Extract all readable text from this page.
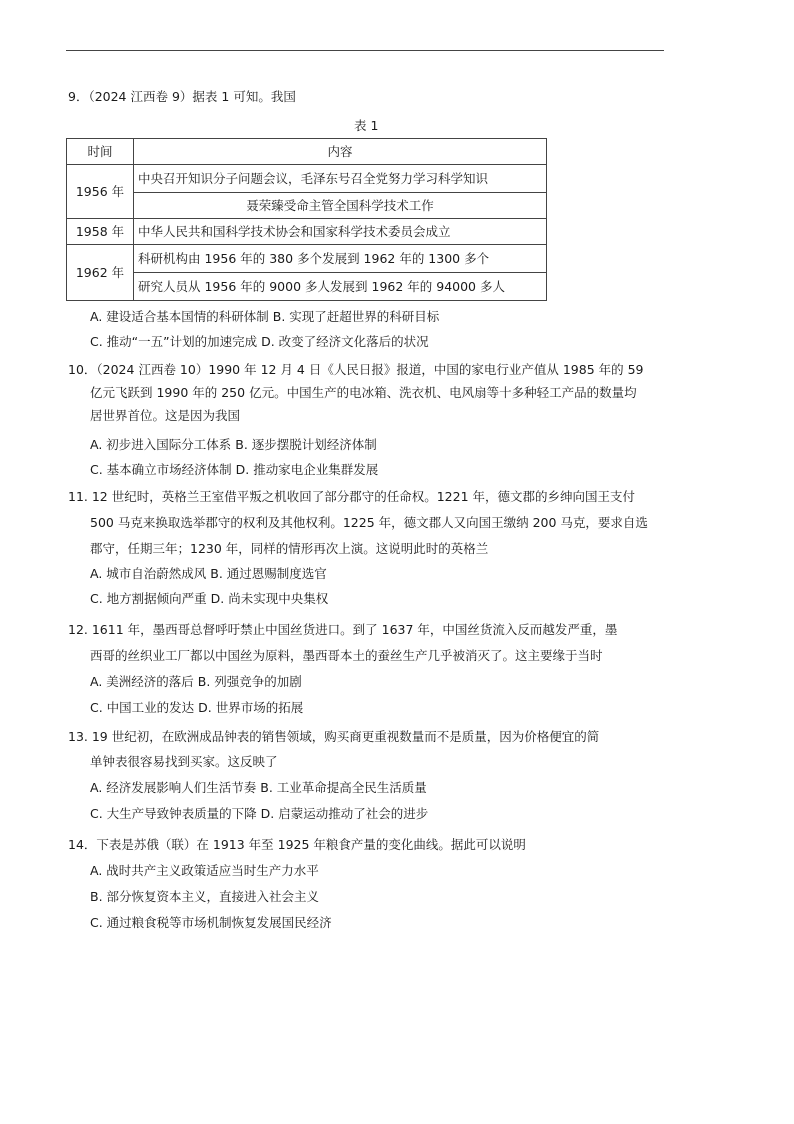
9．（2024 江西卷 9）据表 1 可知。我国
表 1
时间	内容
1956 年	中央召开知识分子问题会议，毛泽东号召全党努力学习科学知识
	聂荣臻受命主管全国科学技术工作
1958 年	中华人民共和国科学技术协会和国家科学技术委员会成立
1962 年	科研机构由 1956 年的 380 多个发展到 1962 年的 1300 多个
	研究人员从 1956 年的 9000 多人发展到 1962 年的 94000 多人
A. 建设适合基本国情的科研体制 B. 实现了赶超世界的科研目标
C. 推动“一五”计划的加速完成 D. 改变了经济文化落后的状况
10．（2024 江西卷 10）1990 年 12 月 4 日《人民日报》报道，中国的家电行业产值从 1985 年的 59
亿元飞跃到 1990 年的 250 亿元。中国生产的电冰箱、洗衣机、电风扇等十多种轻工产品的数量均
居世界首位。这是因为我国
A. 初步进入国际分工体系 B. 逐步摆脱计划经济体制
C. 基本确立市场经济体制 D. 推动家电企业集群发展
11. 12 世纪时，英格兰王室借平叛之机收回了部分郡守的任命权。1221 年，德文郡的乡绅向国王支付
500 马克来换取选举郡守的权利及其他权利。1225 年，德文郡人又向国王缴纳 200 马克，要求自选
郡守，任期三年；1230 年，同样的情形再次上演。这说明此时的英格兰
A. 城市自治蔚然成风 B. 通过恩赐制度选官
C. 地方割据倾向严重 D. 尚未实现中央集权
12. 1611 年，墨西哥总督呼吁禁止中国丝货进口。到了 1637 年，中国丝货流入反而越发严重，墨
西哥的丝织业工厂都以中国丝为原料，墨西哥本土的蚕丝生产几乎被消灭了。这主要缘于当时
A. 美洲经济的落后 B. 列强竞争的加剧
C. 中国工业的发达 D. 世界市场的拓展
13. 19 世纪初，在欧洲成品钟表的销售领域，购买商更重视数量而不是质量，因为价格便宜的简
单钟表很容易找到买家。这反映了
A. 经济发展影响人们生活节奏 B. 工业革命提高全民生活质量
C. 大生产导致钟表质量的下降 D. 启蒙运动推动了社会的进步
14．下表是苏俄（联）在 1913 年至 1925 年粮食产量的变化曲线。据此可以说明
A. 战时共产主义政策适应当时生产力水平
B. 部分恢复资本主义，直接进入社会主义
C. 通过粮食税等市场机制恢复发展国民经济
